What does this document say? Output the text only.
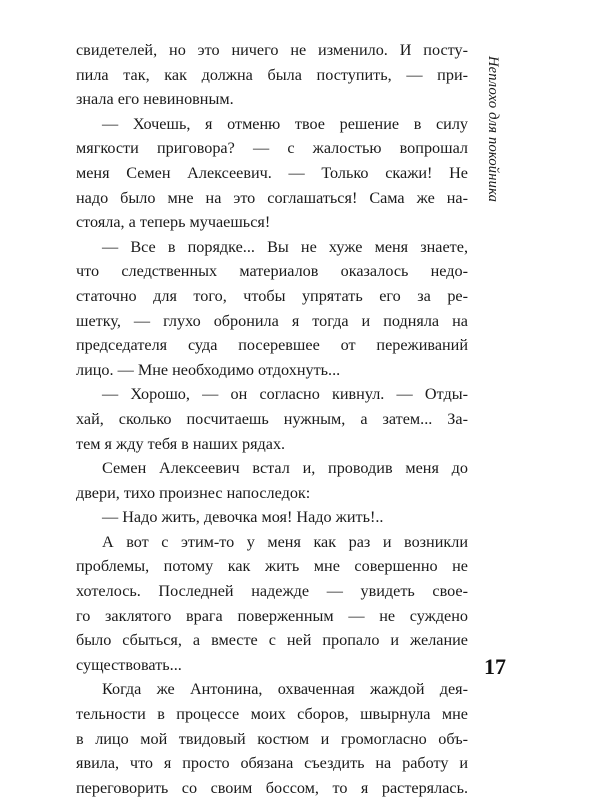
свидетелей, но это ничего не изменило. И посту-
пила так, как должна была поступить, — при-
знала его невиновным.
— Хочешь, я отменю твое решение в силу
мягкости приговора? — с жалостью вопрошал
меня Семен Алексеевич. — Только скажи! Не
надо было мне на это соглашаться! Сама же на-
стояла, а теперь мучаешься!
— Все в порядке... Вы не хуже меня знаете,
что следственных материалов оказалось недо-
статочно для того, чтобы упрятать его за ре-
шетку, — глухо обронила я тогда и подняла на
председателя суда посеревшее от переживаний
лицо. — Мне необходимо отдохнуть...
— Хорошо, — он согласно кивнул. — Отды-
хай, сколько посчитаешь нужным, а затем... За-
тем я жду тебя в наших рядах.
Семен Алексеевич встал и, проводив меня до
двери, тихо произнес напоследок:
— Надо жить, девочка моя! Надо жить!..
А вот с этим-то у меня как раз и возникли
проблемы, потому как жить мне совершенно не
хотелось. Последней надежде — увидеть свое-
го заклятого врага поверженным — не суждено
было сбыться, а вместе с ней пропало и желание
существовать...
Когда же Антонина, охваченная жаждой дея-
тельности в процессе моих сборов, швырнула мне
в лицо мой твидовый костюм и громогласно объ-
явила, что я просто обязана съездить на работу и
переговорить со своим боссом, то я растерялась.
Неплохо для покойника
17
